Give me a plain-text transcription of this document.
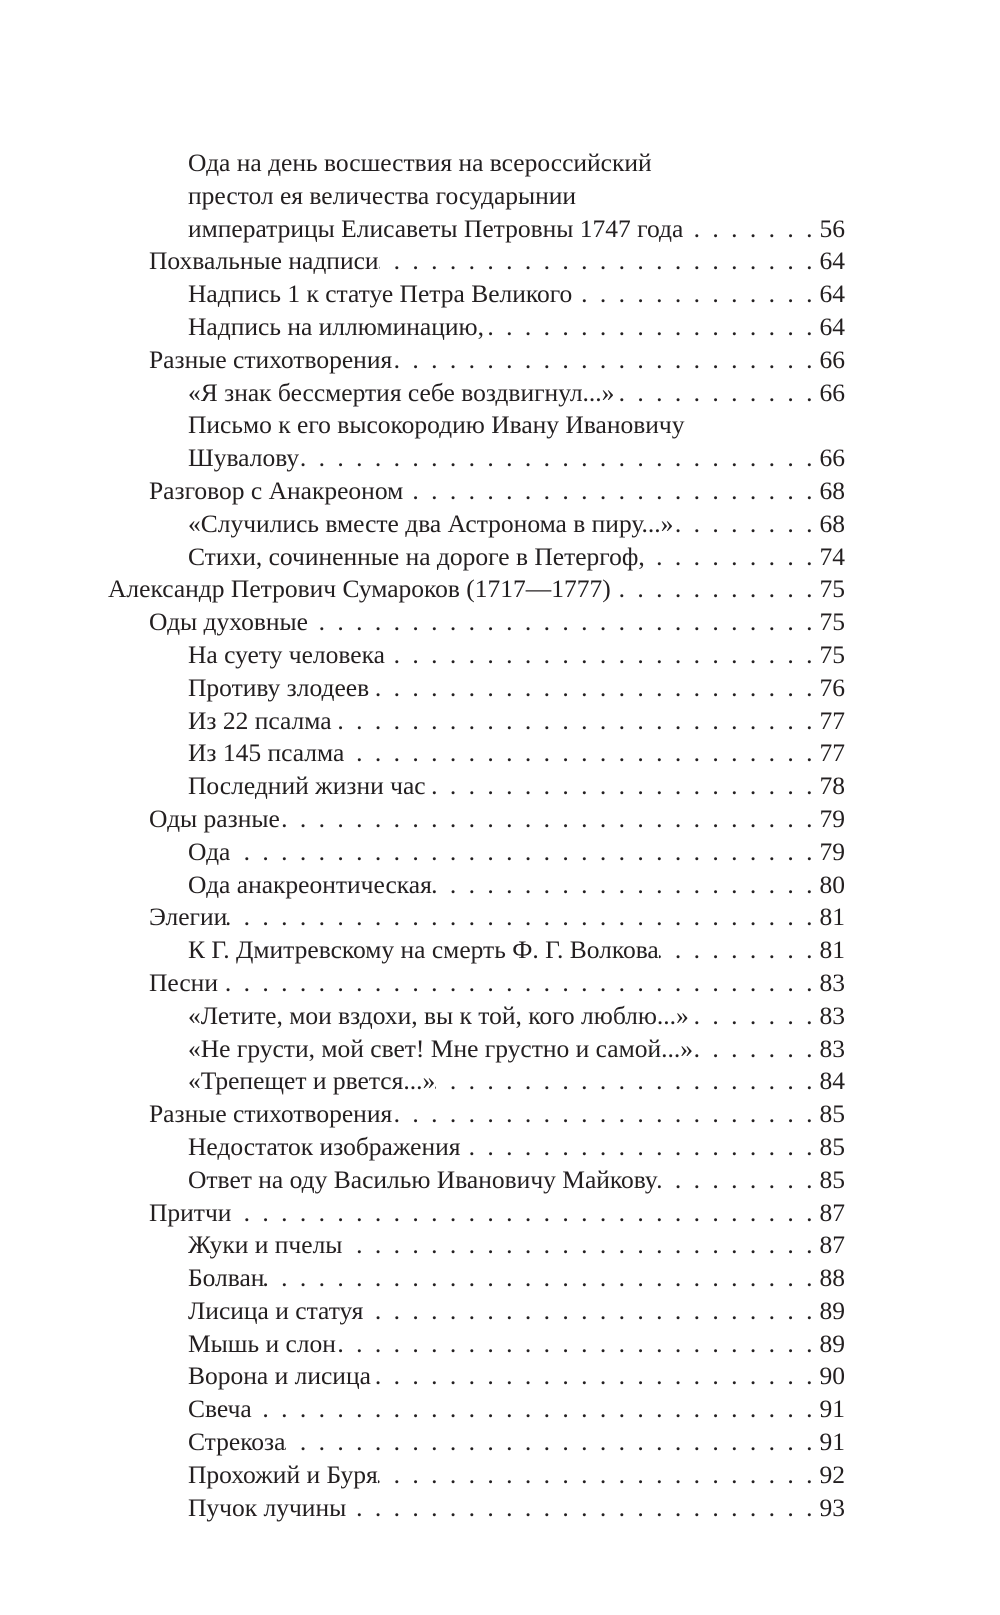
Ода на день восшествия на всероссийский
престол ея величества государынии
императрицы Елисаветы Петровны 1747 года . . .	56
Похвальные надписи . . .	64
Надпись 1 к статуе Петра Великого . . .	64
Надпись на иллюминацию, . . .	64
Разные стихотворения . . .	66
«Я знак бессмертия себе воздвигнул...» . . .	66
Письмо к его высокородию Ивану Ивановичу
Шувалову . . .	66
Разговор с Анакреоном . . .	68
«Случились вместе два Астронома в пиру...» . . .	68
Стихи, сочиненные на дороге в Петергоф, . . .	74
Александр Петрович Сумароков (1717—1777) . . .	75
Оды духовные . . .	75
На суету человека . . .	75
Противу злодеев . . .	76
Из 22 псалма . . .	77
Из 145 псалма . . .	77
Последний жизни час . . .	78
Оды разные . . .	79
Ода . . .	79
Ода анакреонтическая . . .	80
Элегии . . .	81
К Г. Дмитревскому на смерть Ф. Г. Волкова . . .	81
Песни . . .	83
«Летите, мои вздохи, вы к той, кого люблю...» . . .	83
«Не грусти, мой свет! Мне грустно и самой...» . . .	83
«Трепещет и рвется...» . . .	84
Разные стихотворения . . .	85
Недостаток изображения . . .	85
Ответ на оду Василью Ивановичу Майкову . . .	85
Притчи . . .	87
Жуки и пчелы . . .	87
Болван . . .	88
Лисица и статуя . . .	89
Мышь и слон . . .	89
Ворона и лисица . . .	90
Свеча . . .	91
Стрекоза . . .	91
Прохожий и Буря . . .	92
Пучок лучины . . .	93
